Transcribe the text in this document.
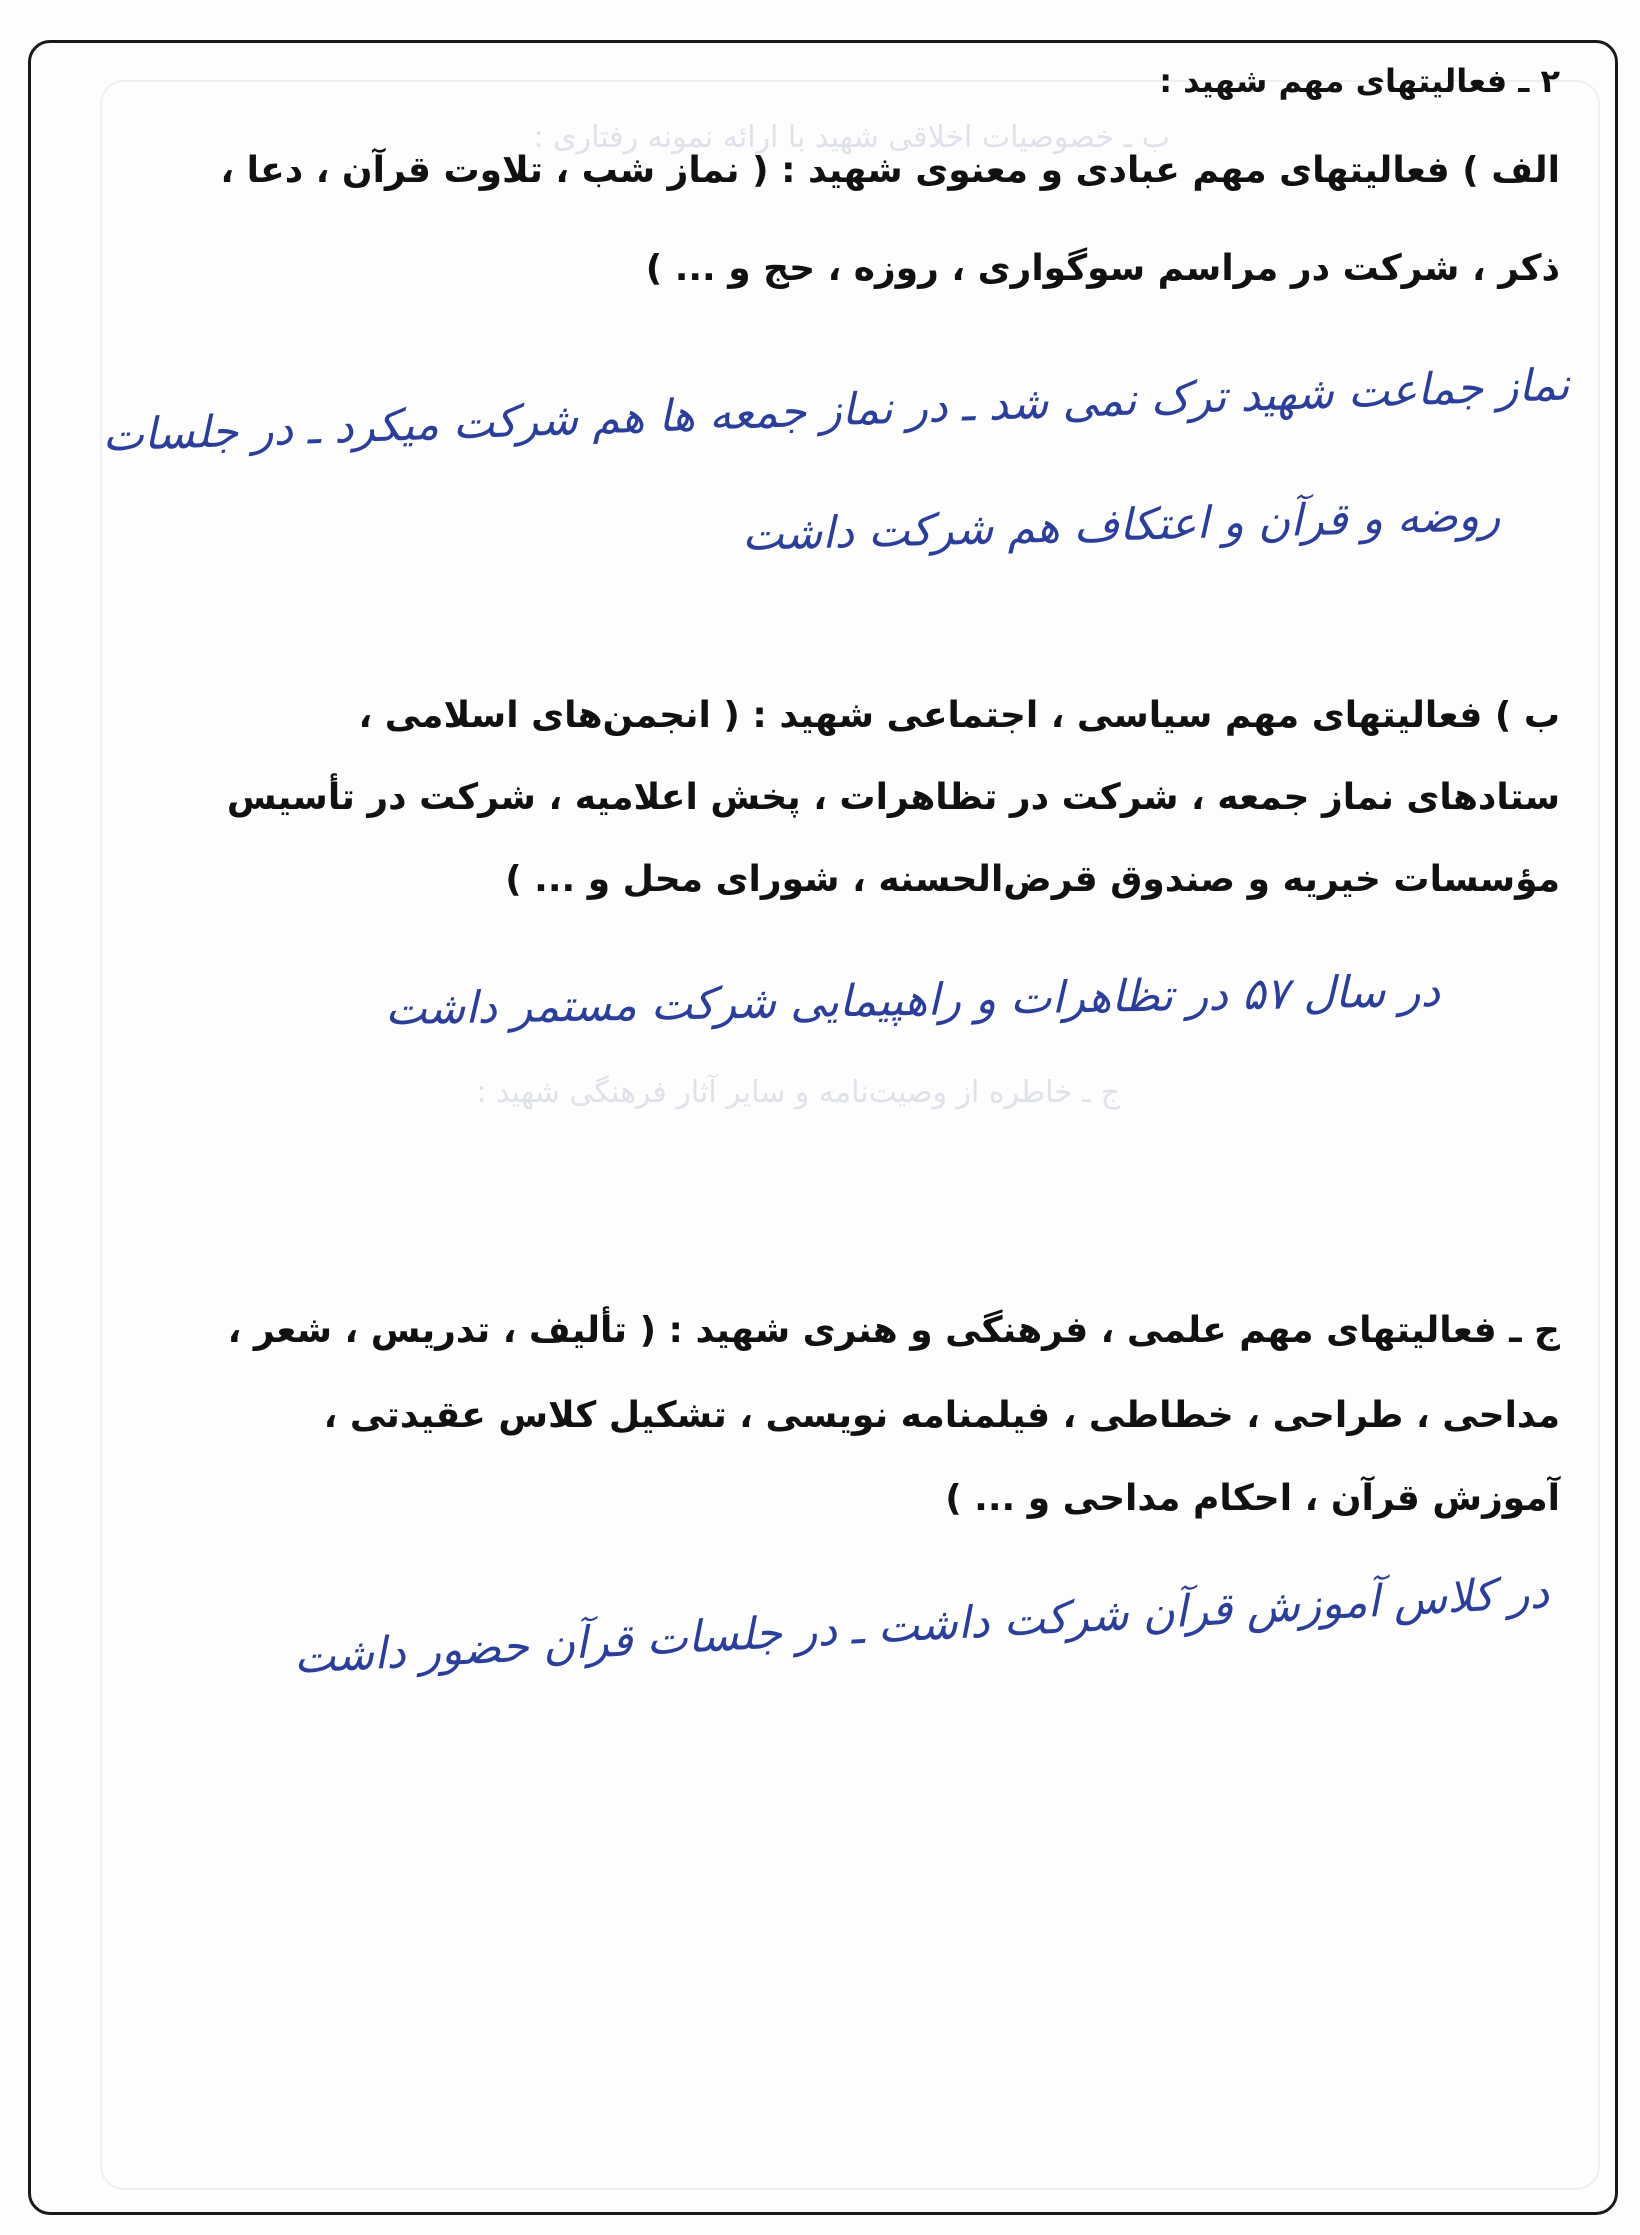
ب ـ خصوصیات اخلاقی شهید با ارائه نمونه رفتاری :
ج ـ خاطره از وصیت‌نامه و سایر آثار فرهنگی شهید :
۲ ـ فعالیتهای مهم شهید :
الف ) فعالیتهای مهم عبادی و معنوی شهید : ( نماز شب ، تلاوت قرآن ، دعا ،
ذکر ، شرکت در مراسم سوگواری ، روزه ، حج و ... )
نماز جماعت شهید ترک نمی شد ـ در نماز جمعه ها هم شرکت میکرد ـ در جلسات
روضه و قرآن و اعتکاف هم شرکت داشت
ب ) فعالیتهای مهم سیاسی ، اجتماعی شهید : ( انجمن‌های اسلامی ،
ستادهای نماز جمعه ، شرکت در تظاهرات ، پخش اعلامیه ، شرکت در تأسیس
مؤسسات خیریه و صندوق قرض‌الحسنه ، شورای محل و ... )
در سال ۵۷ در تظاهرات و راهپیمایی شرکت مستمر داشت
ج ـ فعالیتهای مهم علمی ، فرهنگی و هنری شهید : ( تألیف ، تدریس ، شعر ،
مداحی ، طراحی ، خطاطی ، فیلمنامه نویسی ، تشکیل کلاس عقیدتی ،
آموزش قرآن ، احکام مداحی و ... )
در کلاس آموزش قرآن شرکت داشت ـ در جلسات قرآن حضور داشت
